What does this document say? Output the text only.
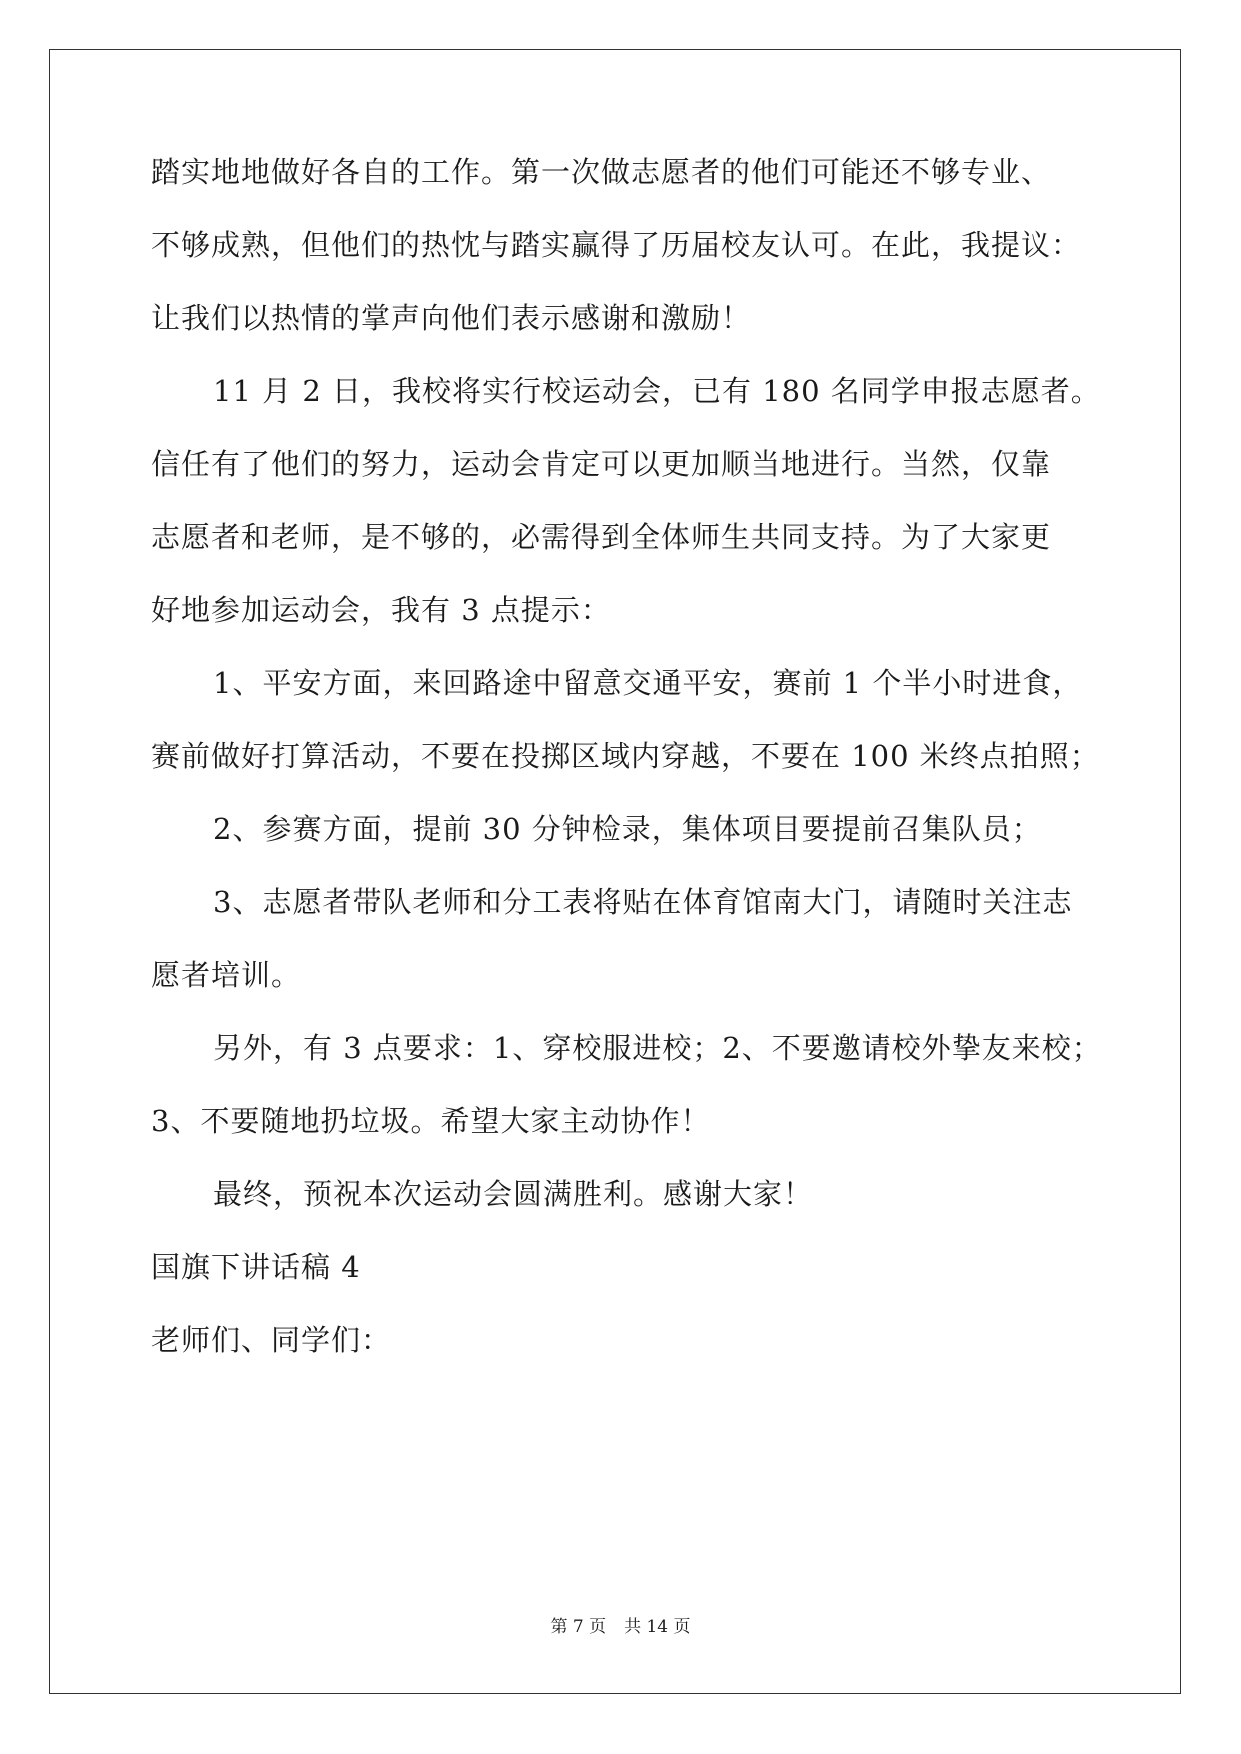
踏实地地做好各自的工作。第一次做志愿者的他们可能还不够专业、
不够成熟，但他们的热忱与踏实赢得了历届校友认可。在此，我提议：
让我们以热情的掌声向他们表示感谢和激励！
11 月 2 日，我校将实行校运动会，已有 180 名同学申报志愿者。
信任有了他们的努力，运动会肯定可以更加顺当地进行。当然，仅靠
志愿者和老师，是不够的，必需得到全体师生共同支持。为了大家更
好地参加运动会，我有 3 点提示：
1、平安方面，来回路途中留意交通平安，赛前 1 个半小时进食，
赛前做好打算活动，不要在投掷区域内穿越，不要在 100 米终点拍照；
2、参赛方面，提前 30 分钟检录，集体项目要提前召集队员；
3、志愿者带队老师和分工表将贴在体育馆南大门，请随时关注志
愿者培训。
另外，有 3 点要求：1、穿校服进校；2、不要邀请校外挚友来校；
3、不要随地扔垃圾。希望大家主动协作！
最终，预祝本次运动会圆满胜利。感谢大家！
国旗下讲话稿 4
老师们、同学们：
第 7 页 共 14 页
